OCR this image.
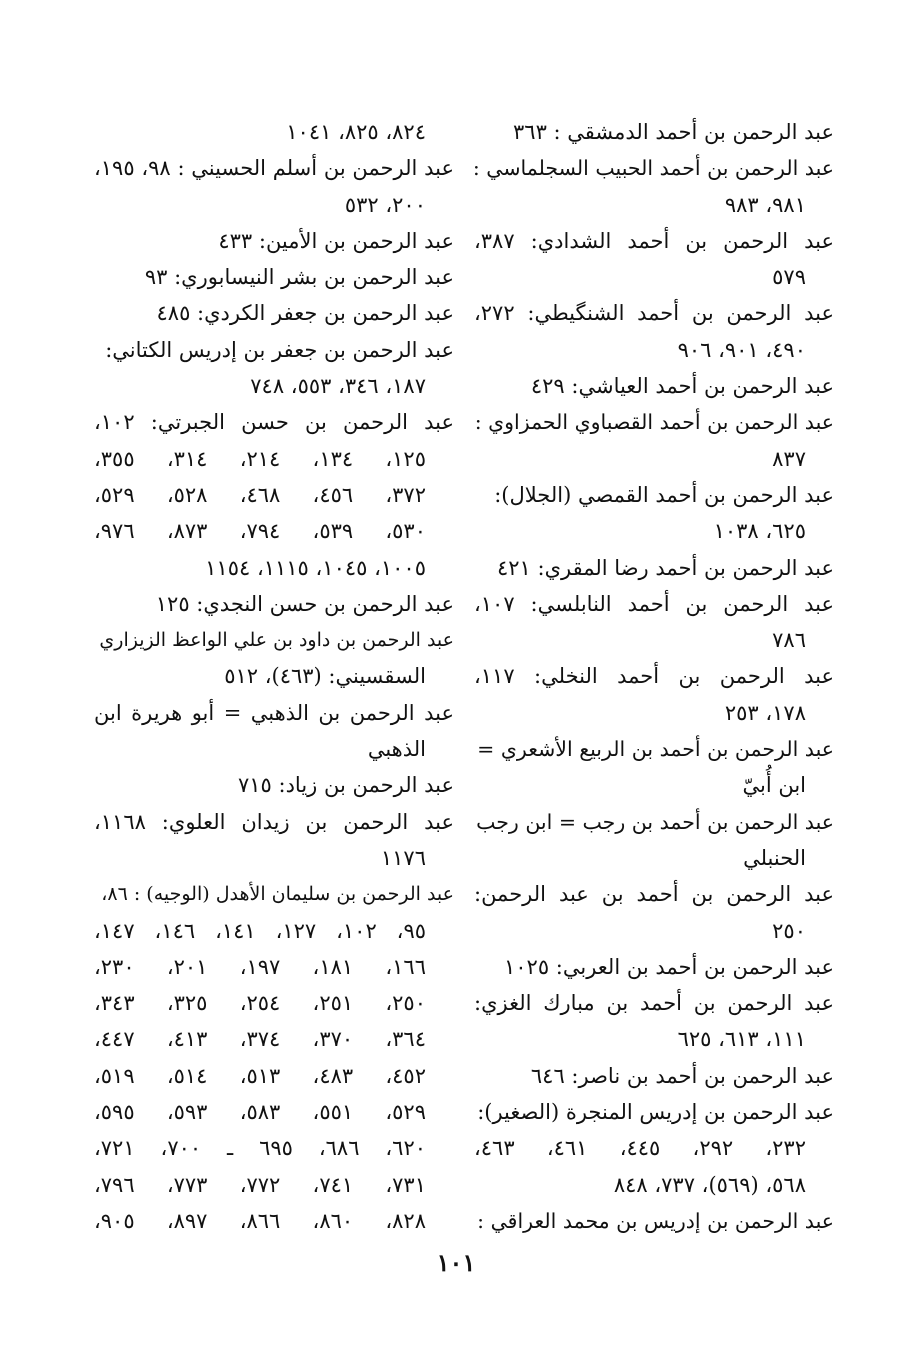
عبد الرحمن بن أحمد الدمشقي : ٣٦٣
عبد الرحمن بن أحمد الحبيب السجلماسي :
٩٨١، ٩٨٣
عبد الرحمن بن أحمد الشدادي: ٣٨٧،
٥٧٩
عبد الرحمن بن أحمد الشنگيطي: ٢٧٢،
٤٩٠، ٩٠١، ٩٠٦
عبد الرحمن بن أحمد العياشي: ٤٢٩
عبد الرحمن بن أحمد القصباوي الحمزاوي :
٨٣٧
عبد الرحمن بن أحمد القمصي (الجلال):
٦٢٥، ١٠٣٨
عبد الرحمن بن أحمد رضا المقري: ٤٢١
عبد الرحمن بن أحمد النابلسي: ١٠٧،
٧٨٦
عبد الرحمن بن أحمد النخلي: ١١٧،
١٧٨، ٢٥٣
عبد الرحمن بن أحمد بن الربيع الأشعري =
ابن أُبيّ
عبد الرحمن بن أحمد بن رجب = ابن رجب
الحنبلي
عبد الرحمن بن أحمد بن عبد الرحمن:
٢٥٠
عبد الرحمن بن أحمد بن العربي: ١٠٢٥
عبد الرحمن بن أحمد بن مبارك الغزي:
١١١، ٦١٣، ٦٢٥
عبد الرحمن بن أحمد بن ناصر: ٦٤٦
عبد الرحمن بن إدريس المنجرة (الصغير):
٢٣٢، ٢٩٢، ٤٤٥، ٤٦١، ٤٦٣،
٥٦٨، (٥٦٩)، ٧٣٧، ٨٤٨
عبد الرحمن بن إدريس بن محمد العراقي :
٨٢٤، ٨٢٥، ١٠٤١
عبد الرحمن بن أسلم الحسيني : ٩٨، ١٩٥،
٢٠٠، ٥٣٢
عبد الرحمن بن الأمين: ٤٣٣
عبد الرحمن بن بشر النيسابوري: ٩٣
عبد الرحمن بن جعفر الكردي: ٤٨٥
عبد الرحمن بن جعفر بن إدريس الكتاني:
١٨٧، ٣٤٦، ٥٥٣، ٧٤٨
عبد الرحمن بن حسن الجبرتي: ١٠٢،
١٢٥، ١٣٤، ٢١٤، ٣١٤، ٣٥٥،
٣٧٢، ٤٥٦، ٤٦٨، ٥٢٨، ٥٢٩،
٥٣٠، ٥٣٩، ٧٩٤، ٨٧٣، ٩٧٦،
١٠٠٥، ١٠٤٥، ١١١٥، ١١٥٤
عبد الرحمن بن حسن النجدي: ١٢٥
عبد الرحمن بن داود بن علي الواعظ الزيزاري
السقسيني: (٤٦٣)، ٥١٢
عبد الرحمن بن الذهبي = أبو هريرة ابن
الذهبي
عبد الرحمن بن زياد: ٧١٥
عبد الرحمن بن زيدان العلوي: ١١٦٨،
١١٧٦
عبد الرحمن بن سليمان الأهدل (الوجيه) : ٨٦،
٩٥، ١٠٢، ١٢٧، ١٤١، ١٤٦، ١٤٧،
١٦٦، ١٨١، ١٩٧، ٢٠١، ٢٣٠،
٢٥٠، ٢٥١، ٢٥٤، ٣٢٥، ٣٤٣،
٣٦٤، ٣٧٠، ٣٧٤، ٤١٣، ٤٤٧،
٤٥٢، ٤٨٣، ٥١٣، ٥١٤، ٥١٩،
٥٢٩، ٥٥١، ٥٨٣، ٥٩٣، ٥٩٥،
٦٢٠، ٦٨٦، ٦٩٥ ـ ٧٠٠، ٧٢١،
٧٣١، ٧٤١، ٧٧٢، ٧٧٣، ٧٩٦،
٨٢٨، ٨٦٠، ٨٦٦، ٨٩٧، ٩٠٥،
١٠١
